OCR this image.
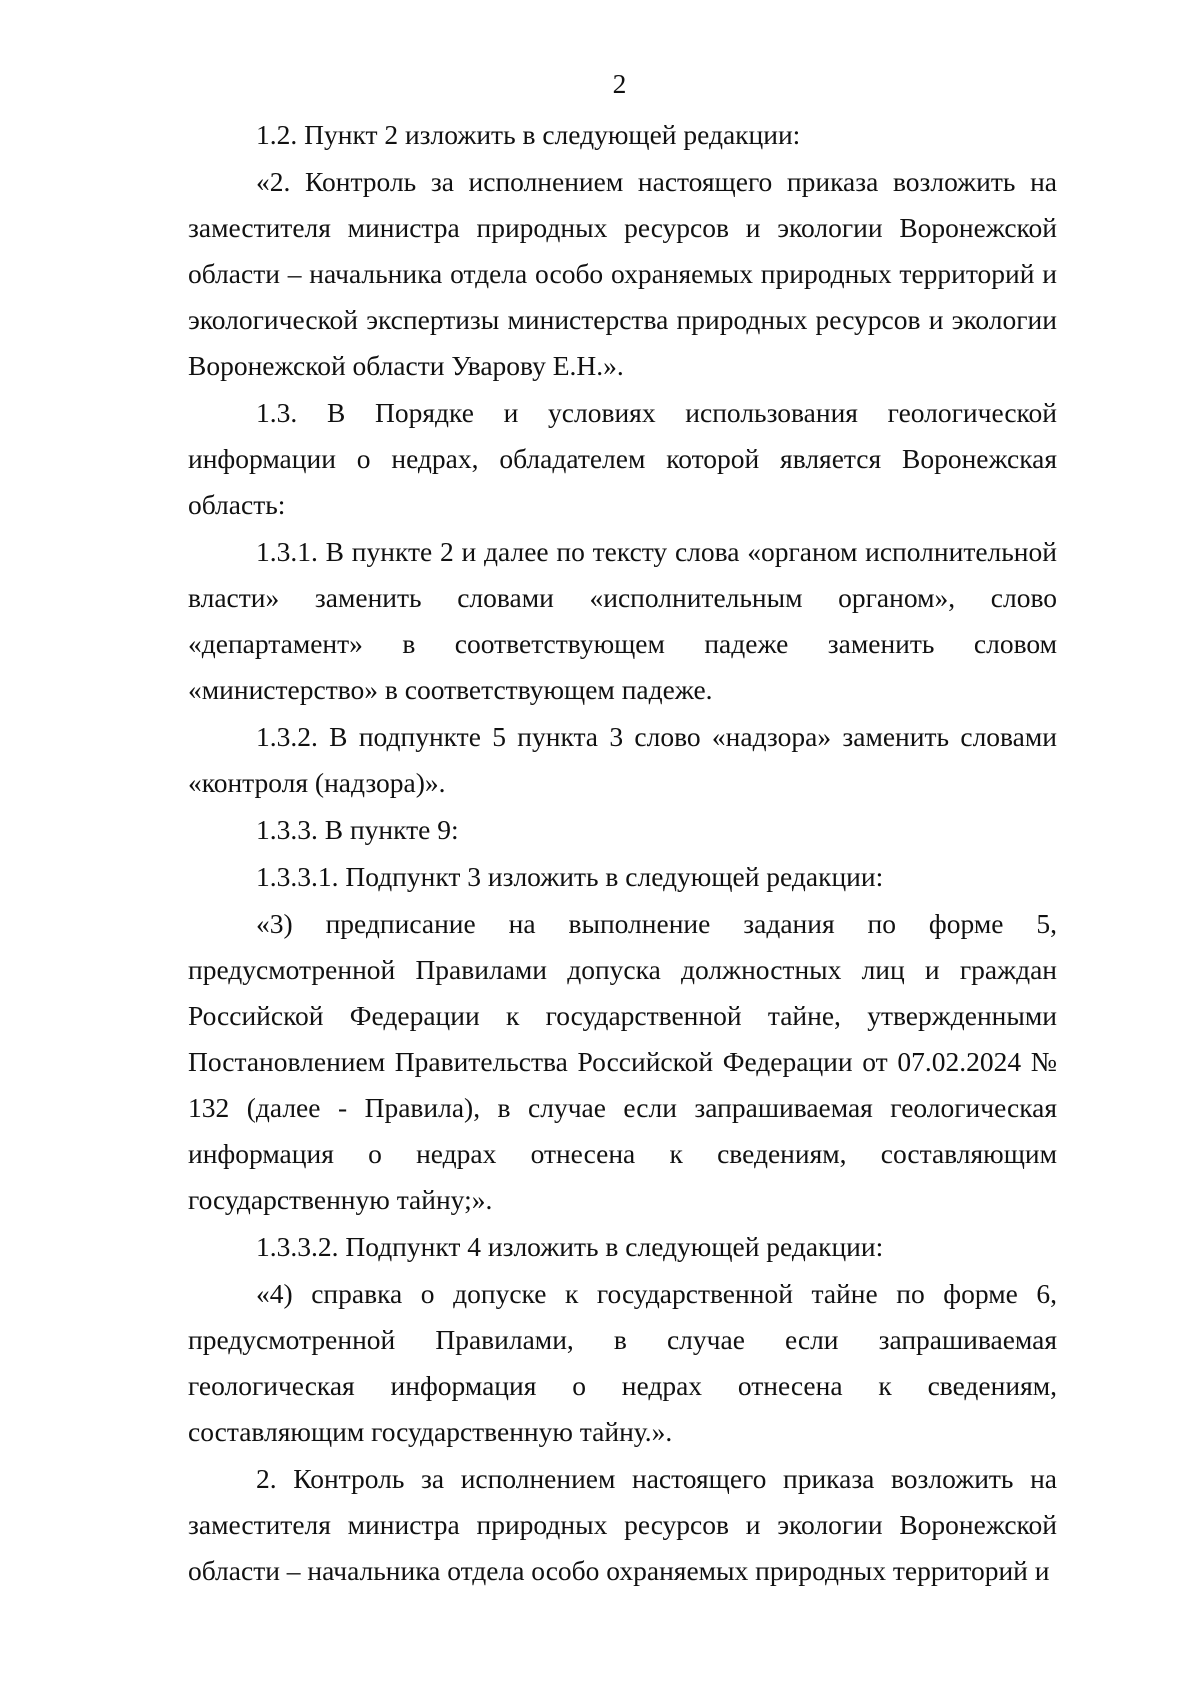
2

1.2. Пункт 2 изложить в следующей редакции:

«2. Контроль за исполнением настоящего приказа возложить на заместителя министра природных ресурсов и экологии Воронежской области – начальника отдела особо охраняемых природных территорий и экологической экспертизы министерства природных ресурсов и экологии Воронежской области Уварову Е.Н.».

1.3. В Порядке и условиях использования геологической информации о недрах, обладателем которой является Воронежская область:

1.3.1. В пункте 2 и далее по тексту слова «органом исполнительной власти» заменить словами «исполнительным органом», слово «департамент» в соответствующем падеже заменить словом «министерство» в соответствующем падеже.

1.3.2. В подпункте 5 пункта 3 слово «надзора» заменить словами «контроля (надзора)».

1.3.3. В пункте 9:

1.3.3.1. Подпункт 3 изложить в следующей редакции:

«3) предписание на выполнение задания по форме 5, предусмотренной Правилами допуска должностных лиц и граждан Российской Федерации к государственной тайне, утвержденными Постановлением Правительства Российской Федерации от 07.02.2024 № 132 (далее - Правила), в случае если запрашиваемая геологическая информация о недрах отнесена к сведениям, составляющим государственную тайну;».

1.3.3.2. Подпункт 4 изложить в следующей редакции:

«4) справка о допуске к государственной тайне по форме 6, предусмотренной Правилами, в случае если запрашиваемая геологическая информация о недрах отнесена к сведениям, составляющим государственную тайну.».

2. Контроль за исполнением настоящего приказа возложить на заместителя министра природных ресурсов и экологии Воронежской области – начальника отдела особо охраняемых природных территорий и
